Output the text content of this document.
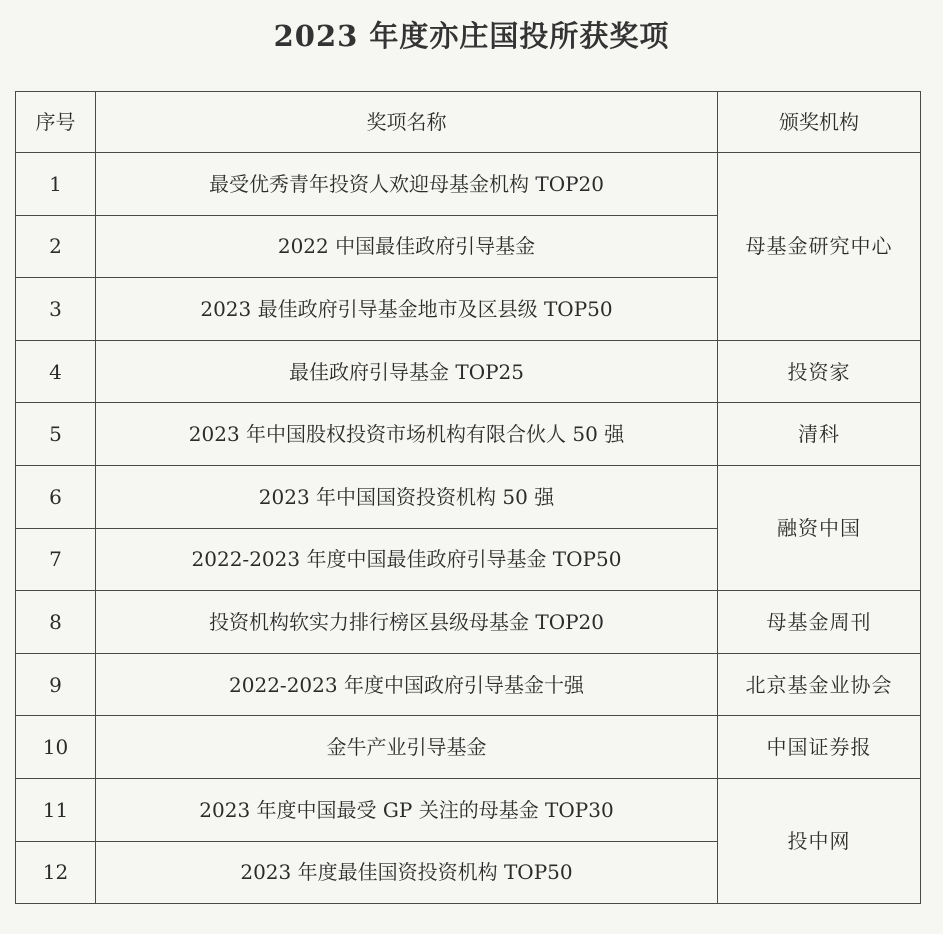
2023 年度亦庄国投所获奖项
序号	奖项名称	颁奖机构
1	最受优秀青年投资人欢迎母基金机构 TOP20	母基金研究中心
2	2022 中国最佳政府引导基金	
3	2023 最佳政府引导基金地市及区县级 TOP50	
4	最佳政府引导基金 TOP25	投资家
5	2023 年中国股权投资市场机构有限合伙人 50 强	清科
6	2023 年中国国资投资机构 50 强	融资中国
7	2022-2023 年度中国最佳政府引导基金 TOP50	
8	投资机构软实力排行榜区县级母基金 TOP20	母基金周刊
9	2022-2023 年度中国政府引导基金十强	北京基金业协会
10	金牛产业引导基金	中国证券报
11	2023 年度中国最受 GP 关注的母基金 TOP30	投中网
12	2023 年度最佳国资投资机构 TOP50	
